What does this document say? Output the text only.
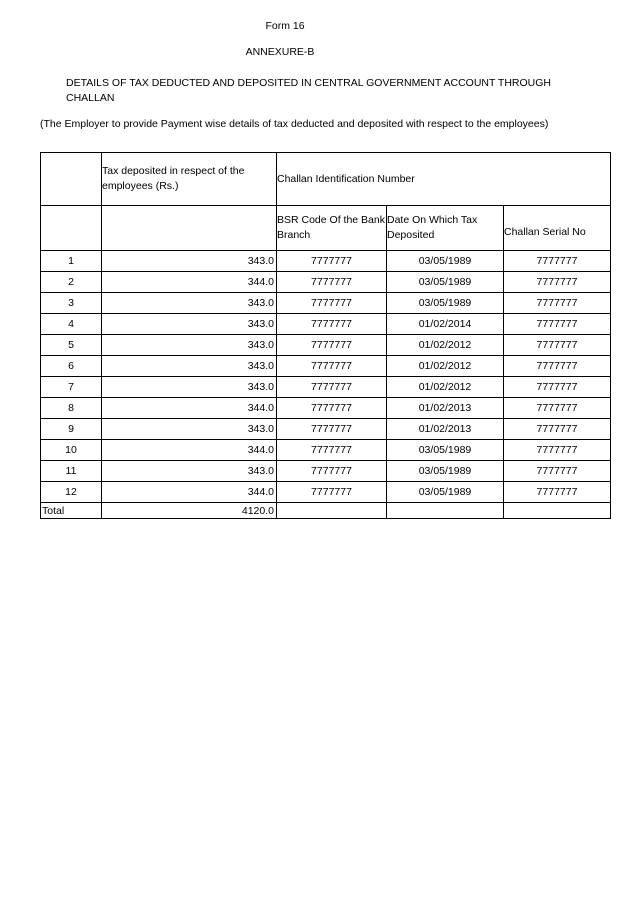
Form 16
ANNEXURE-B
DETAILS OF TAX DEDUCTED AND DEPOSITED IN CENTRAL GOVERNMENT ACCOUNT THROUGH CHALLAN
(The Employer to provide Payment wise details of tax deducted and deposited with respect to the employees)
	Tax deposited in respect of the employees (Rs.)	Challan Identification Number		
		BSR Code Of the Bank Branch	Date On Which Tax Deposited	Challan Serial No
1	343.0	7777777	03/05/1989	7777777
2	344.0	7777777	03/05/1989	7777777
3	343.0	7777777	03/05/1989	7777777
4	343.0	7777777	01/02/2014	7777777
5	343.0	7777777	01/02/2012	7777777
6	343.0	7777777	01/02/2012	7777777
7	343.0	7777777	01/02/2012	7777777
8	344.0	7777777	01/02/2013	7777777
9	343.0	7777777	01/02/2013	7777777
10	344.0	7777777	03/05/1989	7777777
11	343.0	7777777	03/05/1989	7777777
12	344.0	7777777	03/05/1989	7777777
Total	4120.0			
